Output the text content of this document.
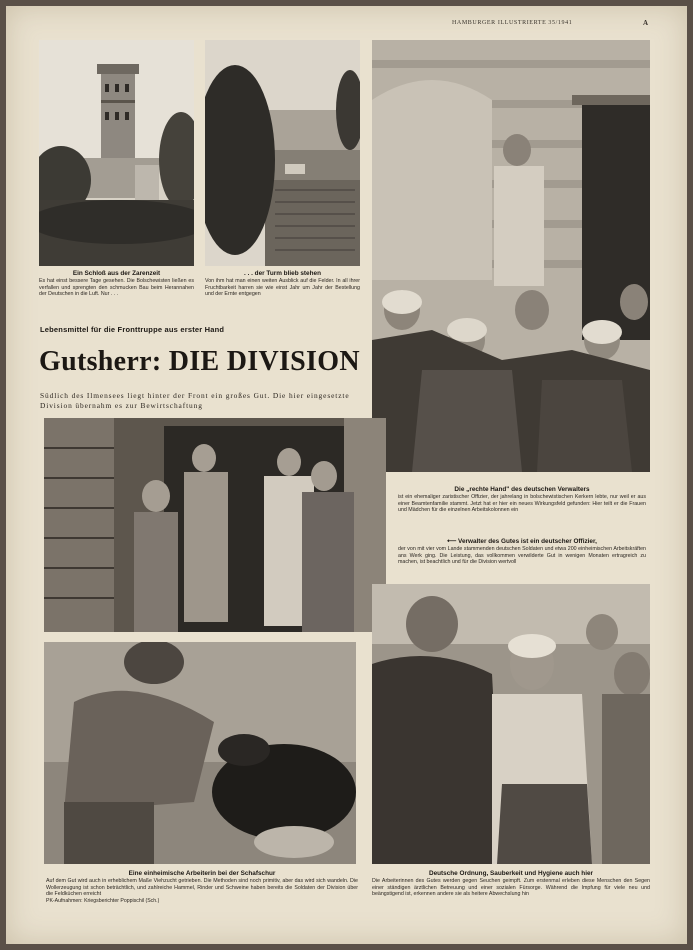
HAMBURGER ILLUSTRIERTE 35/1941	A
Ein Schloß aus der Zarenzeit
Es hat einst bessere Tage gesehen. Die Bolschewisten ließen es verfallen und sprengten den schmucken Bau beim Herannahen der Deutschen in die Luft. Nur . . .
. . . der Turm blieb stehen
Von ihm hat man einen weiten Ausblick auf die Felder. In all ihrer Fruchtbarkeit harren sie wie einst Jahr um Jahr der Bestellung und der Ernte entgegen
Lebensmittel für die Fronttruppe aus erster Hand
Gutsherr: DIE DIVISION
Südlich des Ilmensees liegt hinter der Front ein großes Gut. Die hier eingesetzte Division übernahm es zur Bewirtschaftung
Die „rechte Hand" des deutschen Verwalters
ist ein ehemaliger zaristischer Offizier, der jahrelang in bolschewistischen Kerkern lebte, nur weil er aus einer Beamtenfamilie stammt. Jetzt hat er hier ein neues Wirkungsfeld gefunden: Hier teilt er die Frauen und Mädchen für die einzelnen Arbeitskolonnen ein
⟵ Verwalter des Gutes ist ein deutscher Offizier,
der von mit vier vom Lande stammenden deutschen Soldaten und etwa 200 einheimischen Arbeitskräften ans Werk ging. Die Leistung, das vollkommen verwilderte Gut in wenigen Monaten ertragreich zu machen, ist beachtlich und für die Division wertvoll
Eine einheimische Arbeiterin bei der Schafschur
Auf dem Gut wird auch in erheblichem Maße Viehzucht getrieben. Die Methoden sind noch primitiv, aber das wird sich wandeln. Die Wollerzeugung ist schon beträchtlich, und zahlreiche Hammel, Rinder und Schweine haben bereits die Soldaten der Division über die Feldküchen erreicht
PK-Aufnahmen: Kriegsberichter Poppischil (Sch.)
Deutsche Ordnung, Sauberkeit und Hygiene auch hier
Die Arbeiterinnen des Gutes werden gegen Seuchen geimpft. Zum erstenmal erleben diese Menschen den Segen einer ständigen ärztlichen Betreuung und einer sozialen Fürsorge. Während die Impfung für viele neu und beängstigend ist, erkennen andere sie als heitere Abwechslung hin
